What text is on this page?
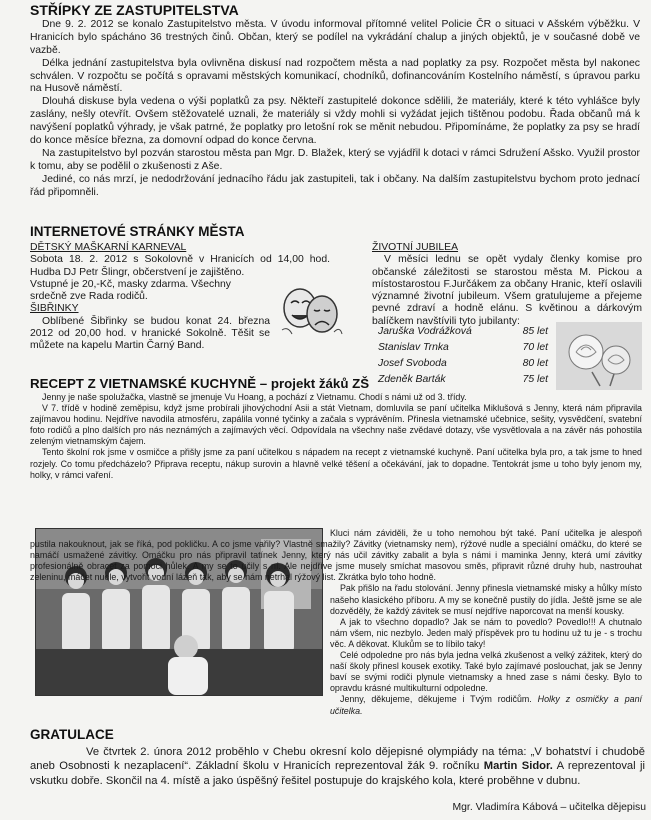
STŘÍPKY ZE ZASTUPITELSTVA

Dne 9. 2. 2012 se konalo Zastupitelstvo města. V úvodu informoval přítomné velitel Policie ČR o situaci v Ašském výběžku. V Hranicích bylo spácháno 36 trestných činů. Občan, který se podílel na vykrádání chalup a jiných objektů, je v současné době ve vazbě.

Délka jednání zastupitelstva byla ovlivněna diskusí nad rozpočtem města a nad poplatky za psy. Rozpočet města byl nakonec schválen. V rozpočtu se počítá s opravami městských komunikací, chodníků, dofinancováním Kostelního náměstí, s úpravou parku na Husově náměstí.

Dlouhá diskuse byla vedena o výši poplatků za psy. Někteří zastupitelé dokonce sdělili, že materiály, které k této vyhlášce byly zaslány, nešly otevřít. Ovšem stěžovatelé uznali, že materiály si vždy mohli si vyžádat jejich tištěnou podobu. Řada občanů má k navýšení poplatků výhrady, je však patrné, že poplatky pro letošní rok se měnit nebudou. Připomínáme, že poplatky za psy se hradí do konce měsíce března, za domovní odpad do konce června.

Na zastupitelstvo byl pozván starostou města pan Mgr. D. Blažek, který se vyjádřil k dotaci v rámci Sdružení Ašsko. Využil prostor k tomu, aby se podělil o zkušenosti z Aše.

Jediné, co nás mrzí, je nedodržování jednacího řádu jak zastupiteli, tak i občany. Na dalším zastupitelstvu bychom proto jednací řád připomněli.

INTERNETOVÉ STRÁNKY MĚSTA
DĚTSKÝ MAŠKARNÍ KARNEVAL

Sobota 18. 2. 2012 s Sokolovně v Hranicích od 14,00 hod. Hudba DJ Petr Šlingr, občerstvení je zajištěno.

Vstupné je 20,-Kč, masky zdarma. Všechny srdečně zve Rada rodičů.

ŠIBŘINKY

Oblíbené Šibřinky se budou konat 24. března 2012 od 20,00 hod. v hranické Sokolně. Těšit se můžete na kapelu Martin Čarný Band.

ŽIVOTNÍ JUBILEA

V měsíci lednu se opět vydaly členky komise pro občanské záležitosti se starostou města M. Pickou a místostarostou F.Jurčákem za občany Hranic, kteří oslavili významné životní jubileum. Všem gratulujeme a přejeme pevné zdraví a hodně elánu. S květinou a dárkovým balíčkem navštívili tyto jubilanty:

Jaruška Vodrážková	85 let
Stanislav Trnka	70 let
Josef Svoboda	80 let
Zdeněk Barták	75 let
RECEPT Z VIETNAMSKÉ KUCHYNĚ – projekt žáků ZŠ

Jenny je naše spolužačka, vlastně se jmenuje Vu Hoang, a pochází z Vietnamu. Chodí s námi už od 3. třídy.

V 7. třídě v hodině zeměpisu, když jsme probírali jihovýchodní Asii a stát Vietnam, domluvila se paní učitelka Miklušová s Jenny, která nám připravila zajímavou hodinu. Nejdříve navodila atmosféru, zapálila vonné tyčinky a začala s vyprávěním. Přinesla vietnamské učebnice, sešity, vysvědčení, svatební foto rodičů a plno dalších pro nás neznámých a zajímavých věcí. Odpovídala na všechny naše zvědavé dotazy, vše vysvětlovala a na závěr nás pohostila zeleným vietnamským čajem.

Tento školní rok jsme v osmičce a přišly jsme za paní učitelkou s nápadem na recept z vietnamské kuchyně. Paní učitelka byla pro, a tak jsme to hned rozjely. Co tomu předcházelo? Připrava receptu, nákup surovin a hlavně velké těšení a očekávání, jak to dopadne. Tentokrát jsme u toho byly jenom my, holky, v rámci vaření.

Kluci nám záviděli, že u toho nemohou být také. Paní učitelka je alespoň pustila nakouknout, jak se říká, pod pokličku. A co jsme vařily? Vlastně smažily? Závitky (vietnamsky nem), rýžové nudle a speciální omáčku, do které se namáčí usmažené závitky. Omáčku pro nás připravil tatínek Jenny, který nás učil závitky zabalit a byla s námi i maminka Jenny, která umí závitky profesionálně obracet za pomoci hůlek. A my se to učily s ní. Ale nejdříve jsme musely smíchat masovou směs, připravit různé druhy hub, nastrouhat zeleninu, máčet nudle, vytvořit vodní lázeň tak, aby se nám netrhal rýžový list. Zkrátka bylo toho hodně.

Pak přišlo na řadu stolování. Jenny přinesla vietnamské misky a hůlky místo našeho klasického příboru. A my se konečně pustily do jídla. Ještě jsme se ale dozvěděly, že každý závitek se musí nejdříve naporcovat na menší kousky.

A jak to všechno dopadlo? Jak se nám to povedlo? Povedlo!!! A chutnalo nám všem, nic nezbylo. Jeden malý příspěvek pro tu hodinu už tu je - s trochu věc. A děkovat. Klukům se to líbilo taky!

Celé odpoledne pro nás byla jedna velká zkušenost a velký zážitek, který do naší školy přinesl kousek exotiky. Také bylo zajímavé poslouchat, jak se Jenny baví se svými rodiči plynule vietnamsky a hned zase s námi česky. Bylo to opravdu krásné multikulturní odpoledne.

Jenny, děkujeme, děkujeme i Tvým rodičům. Holky z osmičky a paní učitelka.

GRATULACE

Ve čtvrtek 2. února 2012 proběhlo v Chebu okresní kolo dějepisné olympiády na téma: „V bohatství i chudobě aneb Osobnosti k nezaplacení“. Základní školu v Hranicích reprezentoval žák 9. ročníku Martin Sidor. A reprezentoval ji vskutku dobře. Skončil na 4. místě a jako úspěšný řešitel postupuje do krajského kola, které proběhne v dubnu.

Mgr. Vladimíra Kábová – učitelka dějepisu
